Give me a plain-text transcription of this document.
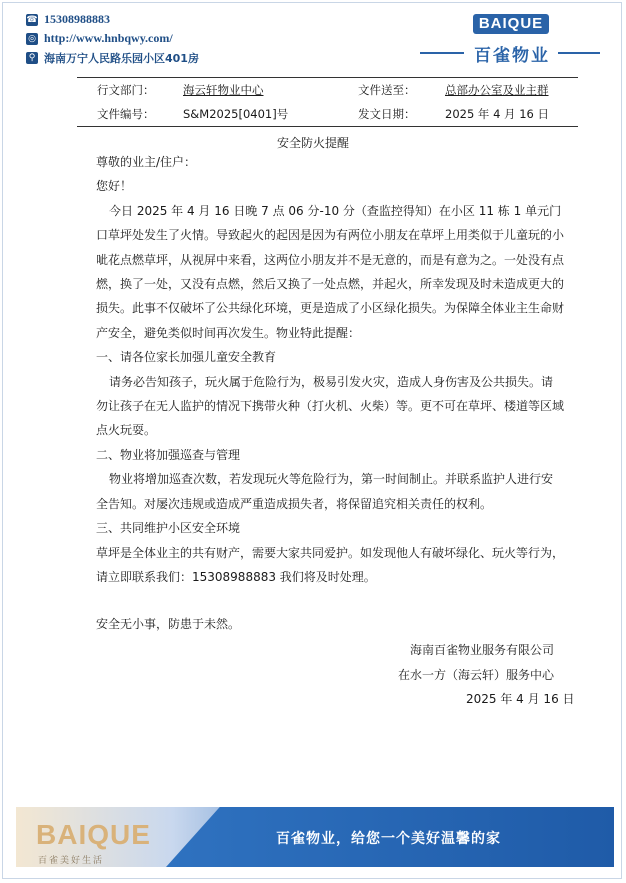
☎ 15308988883
◎ http://www.hnbqwy.com/
⚲ 海南万宁人民路乐园小区401房
BAIQUE
百雀物业
行文部门： 海云轩物业中心	文件送至：	总部办公室及业主群
文件编号： S&M2025[0401]号	发文日期：	2025 年 4 月 16 日
安全防火提醒

尊敬的业主/住户：

您好！

今日 2025 年 4 月 16 日晚 7 点 06 分-10 分（查监控得知）在小区 11 栋 1 单元门口草坪处发生了火情。导致起火的起因是因为有两位小朋友在草坪上用类似于儿童玩的小呲花点燃草坪，从视屏中来看，这两位小朋友并不是无意的，而是有意为之。一处没有点燃，换了一处，又没有点燃，然后又换了一处点燃，并起火，所幸发现及时未造成更大的损失。此事不仅破坏了公共绿化环境，更是造成了小区绿化损失。为保障全体业主生命财产安全，避免类似时间再次发生。物业特此提醒：

一、请各位家长加强儿童安全教育

请务必告知孩子，玩火属于危险行为，极易引发火灾，造成人身伤害及公共损失。请勿让孩子在无人监护的情况下携带火种（打火机、火柴）等。更不可在草坪、楼道等区域点火玩耍。

二、物业将加强巡查与管理

物业将增加巡查次数，若发现玩火等危险行为，第一时间制止。并联系监护人进行安全告知。对屡次违规或造成严重造成损失者，将保留追究相关责任的权利。

三、共同维护小区安全环境

草坪是全体业主的共有财产，需要大家共同爱护。如发现他人有破坏绿化、玩火等行为，请立即联系我们：15308988883 我们将及时处理。

安全无小事，防患于未然。

海南百雀物业服务有限公司
在水一方（海云轩）服务中心
2025 年 4 月 16 日
BAIQUE
百雀美好生活
百雀物业，给您一个美好温馨的家
